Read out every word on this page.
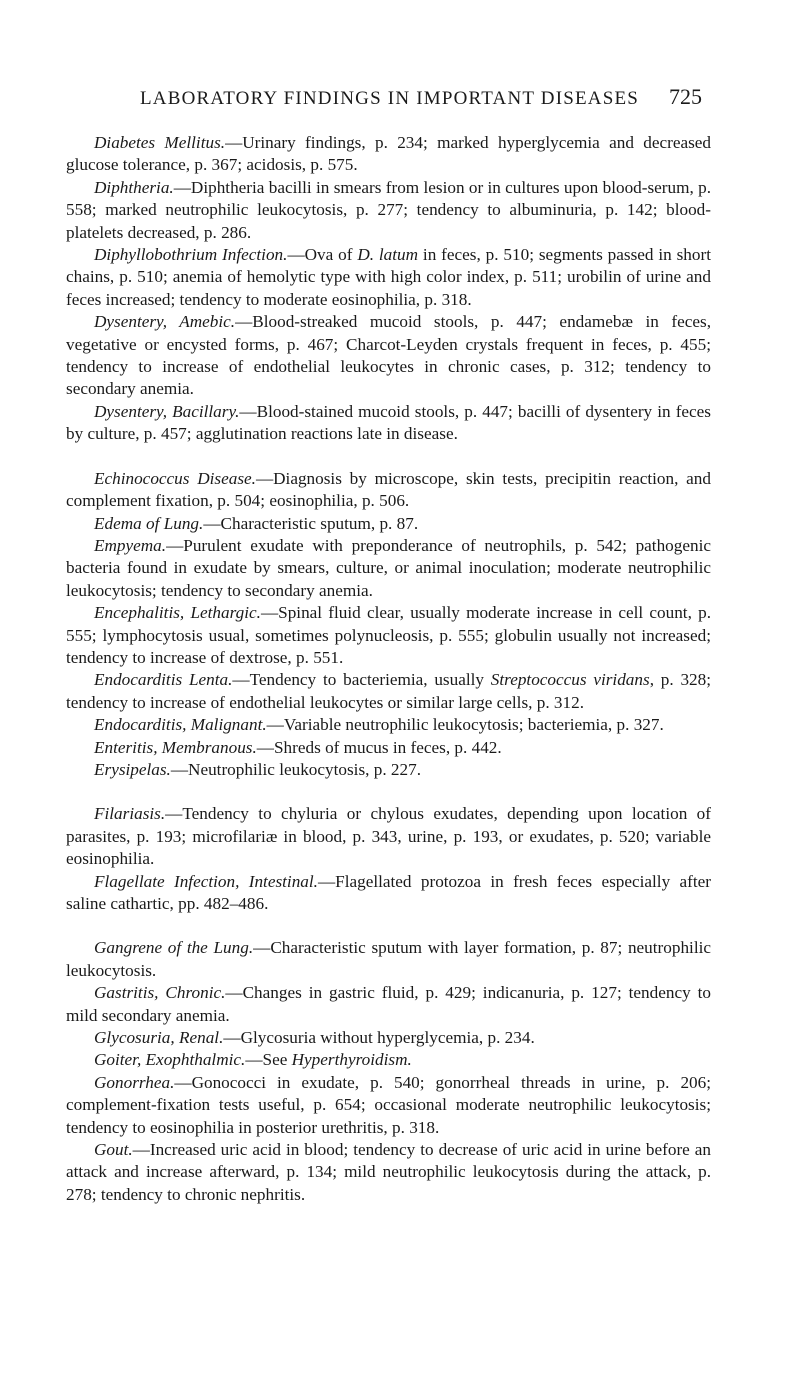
LABORATORY FINDINGS IN IMPORTANT DISEASES 725

Diabetes Mellitus.—Urinary findings, p. 234; marked hyperglycemia and decreased glucose tolerance, p. 367; acidosis, p. 575.

Diphtheria.—Diphtheria bacilli in smears from lesion or in cultures upon blood-serum, p. 558; marked neutrophilic leukocytosis, p. 277; tendency to albuminuria, p. 142; blood-platelets decreased, p. 286.

Diphyllobothrium Infection.—Ova of D. latum in feces, p. 510; segments passed in short chains, p. 510; anemia of hemolytic type with high color index, p. 511; urobilin of urine and feces increased; tendency to moderate eosinophilia, p. 318.

Dysentery, Amebic.—Blood-streaked mucoid stools, p. 447; endamebæ in feces, vegetative or encysted forms, p. 467; Charcot-Leyden crystals frequent in feces, p. 455; tendency to increase of endothelial leukocytes in chronic cases, p. 312; tendency to secondary anemia.

Dysentery, Bacillary.—Blood-stained mucoid stools, p. 447; bacilli of dysentery in feces by culture, p. 457; agglutination reactions late in disease.

Echinococcus Disease.—Diagnosis by microscope, skin tests, precipitin reaction, and complement fixation, p. 504; eosinophilia, p. 506.

Edema of Lung.—Characteristic sputum, p. 87.

Empyema.—Purulent exudate with preponderance of neutrophils, p. 542; pathogenic bacteria found in exudate by smears, culture, or animal inoculation; moderate neutrophilic leukocytosis; tendency to secondary anemia.

Encephalitis, Lethargic.—Spinal fluid clear, usually moderate increase in cell count, p. 555; lymphocytosis usual, sometimes polynucleosis, p. 555; globulin usually not increased; tendency to increase of dextrose, p. 551.

Endocarditis Lenta.—Tendency to bacteriemia, usually Streptococcus viridans, p. 328; tendency to increase of endothelial leukocytes or similar large cells, p. 312.

Endocarditis, Malignant.—Variable neutrophilic leukocytosis; bacteriemia, p. 327.

Enteritis, Membranous.—Shreds of mucus in feces, p. 442.

Erysipelas.—Neutrophilic leukocytosis, p. 227.

Filariasis.—Tendency to chyluria or chylous exudates, depending upon location of parasites, p. 193; microfilariæ in blood, p. 343, urine, p. 193, or exudates, p. 520; variable eosinophilia.

Flagellate Infection, Intestinal.—Flagellated protozoa in fresh feces especially after saline cathartic, pp. 482–486.

Gangrene of the Lung.—Characteristic sputum with layer formation, p. 87; neutrophilic leukocytosis.

Gastritis, Chronic.—Changes in gastric fluid, p. 429; indicanuria, p. 127; tendency to mild secondary anemia.

Glycosuria, Renal.—Glycosuria without hyperglycemia, p. 234.

Goiter, Exophthalmic.—See Hyperthyroidism.

Gonorrhea.—Gonococci in exudate, p. 540; gonorrheal threads in urine, p. 206; complement-fixation tests useful, p. 654; occasional moderate neutrophilic leukocytosis; tendency to eosinophilia in posterior urethritis, p. 318.

Gout.—Increased uric acid in blood; tendency to decrease of uric acid in urine before an attack and increase afterward, p. 134; mild neutrophilic leukocytosis during the attack, p. 278; tendency to chronic nephritis.
